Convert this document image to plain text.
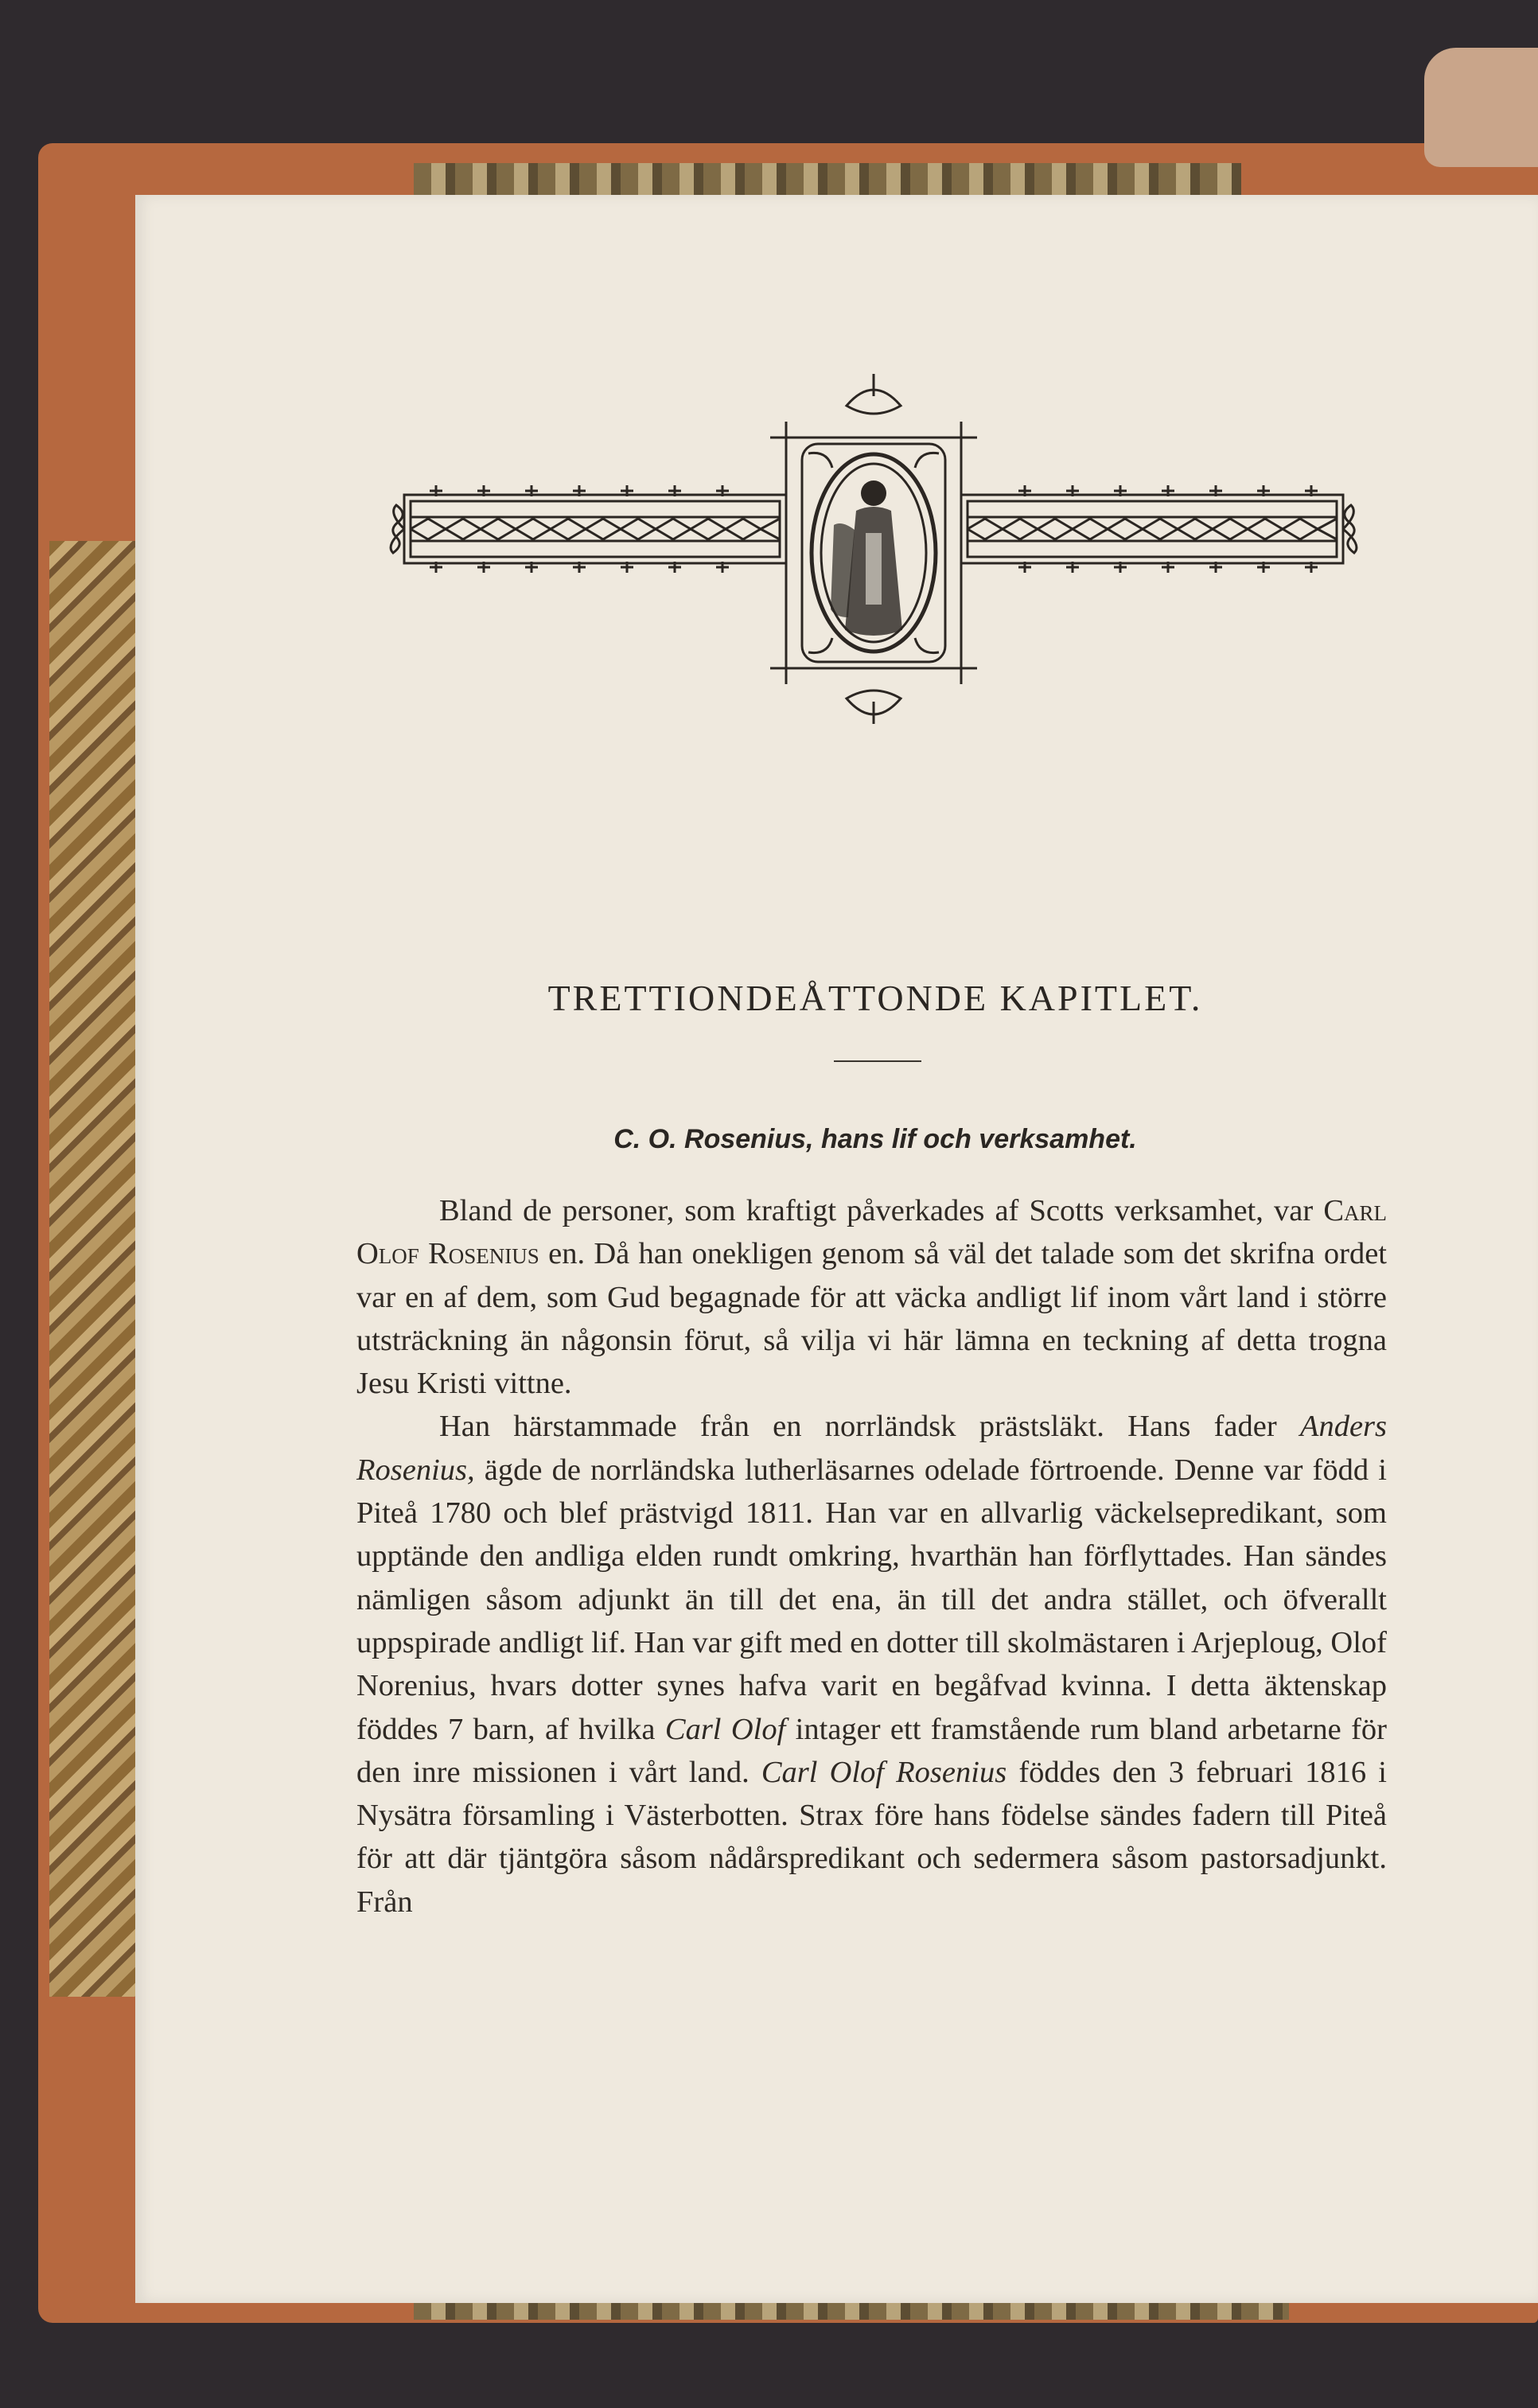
TRETTIONDEÅTTONDE KAPITLET.
C. O. Rosenius, hans lif och verksamhet.

Bland de personer, som kraftigt påverkades af Scotts verksamhet, var Carl Olof Rosenius en. Då han onekligen genom så väl det talade som det skrifna ordet var en af dem, som Gud begagnade för att väcka andligt lif inom vårt land i större utsträckning än någonsin förut, så vilja vi här lämna en teckning af detta trogna Jesu Kristi vittne.

Han härstammade från en norrländsk prästsläkt. Hans fader Anders Rosenius, ägde de norrländska lutherläsarnes odelade förtroende. Denne var född i Piteå 1780 och blef prästvigd 1811. Han var en allvarlig väckelsepredikant, som upptände den andliga elden rundt omkring, hvarthän han förflyttades. Han sändes nämligen såsom adjunkt än till det ena, än till det andra stället, och öfverallt uppspirade andligt lif. Han var gift med en dotter till skolmästaren i Arjeploug, Olof Norenius, hvars dotter synes hafva varit en begåfvad kvinna. I detta äktenskap föddes 7 barn, af hvilka Carl Olof intager ett framstående rum bland arbetarne för den inre missionen i vårt land. Carl Olof Rosenius föddes den 3 februari 1816 i Nysätra församling i Västerbotten. Strax före hans födelse sändes fadern till Piteå för att där tjäntgöra såsom nådårspredikant och sedermera såsom pastorsadjunkt. Från
